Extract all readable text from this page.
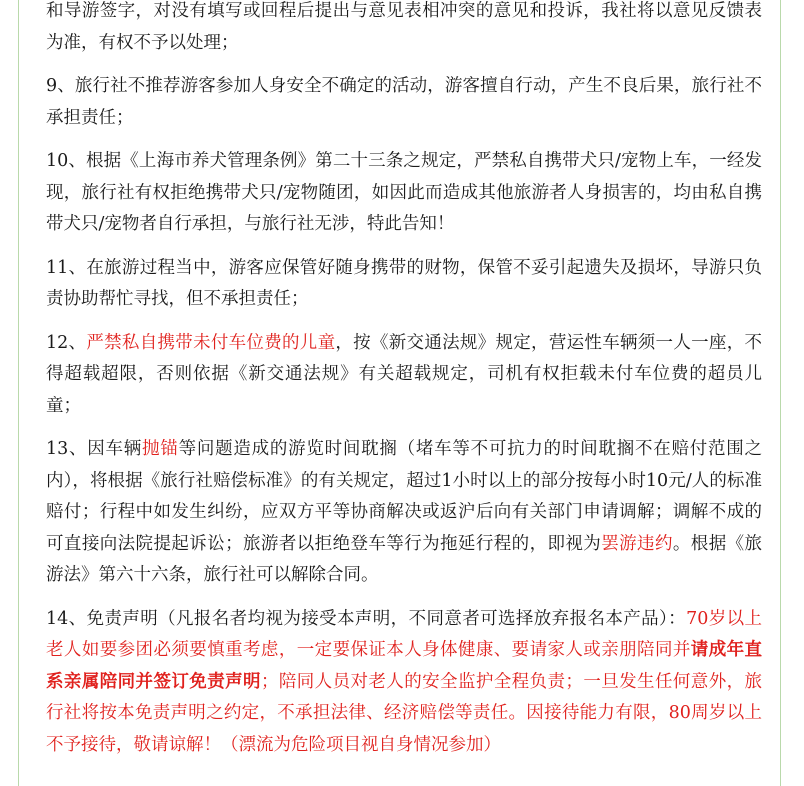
和导游签字，对没有填写或回程后提出与意见表相冲突的意见和投诉，我社将以意见反馈表为准，有权不予以处理；

9、旅行社不推荐游客参加人身安全不确定的活动，游客擅自行动，产生不良后果，旅行社不承担责任；

10、根据《上海市养犬管理条例》第二十三条之规定，严禁私自携带犬只/宠物上车，一经发现，旅行社有权拒绝携带犬只/宠物随团，如因此而造成其他旅游者人身损害的，均由私自携带犬只/宠物者自行承担，与旅行社无涉，特此告知！

11、在旅游过程当中，游客应保管好随身携带的财物，保管不妥引起遗失及损坏，导游只负责协助帮忙寻找，但不承担责任；

12、严禁私自携带未付车位费的儿童，按《新交通法规》规定，营运性车辆须一人一座，不得超载超限，否则依据《新交通法规》有关超载规定，司机有权拒载未付车位费的超员儿童；

13、因车辆抛锚等问题造成的游览时间耽搁（堵车等不可抗力的时间耽搁不在赔付范围之内），将根据《旅行社赔偿标准》的有关规定，超过1小时以上的部分按每小时10元/人的标准赔付；行程中如发生纠纷，应双方平等协商解决或返沪后向有关部门申请调解；调解不成的可直接向法院提起诉讼；旅游者以拒绝登车等行为拖延行程的，即视为罢游违约。根据《旅游法》第六十六条，旅行社可以解除合同。

14、免责声明（凡报名者均视为接受本声明，不同意者可选择放弃报名本产品）：70岁以上老人如要参团必须要慎重考虑，一定要保证本人身体健康、要请家人或亲朋陪同并请成年直系亲属陪同并签订免责声明；陪同人员对老人的安全监护全程负责；一旦发生任何意外，旅行社将按本免责声明之约定，不承担法律、经济赔偿等责任。因接待能力有限，80周岁以上不予接待，敬请谅解！（漂流为危险项目视自身情况参加）
